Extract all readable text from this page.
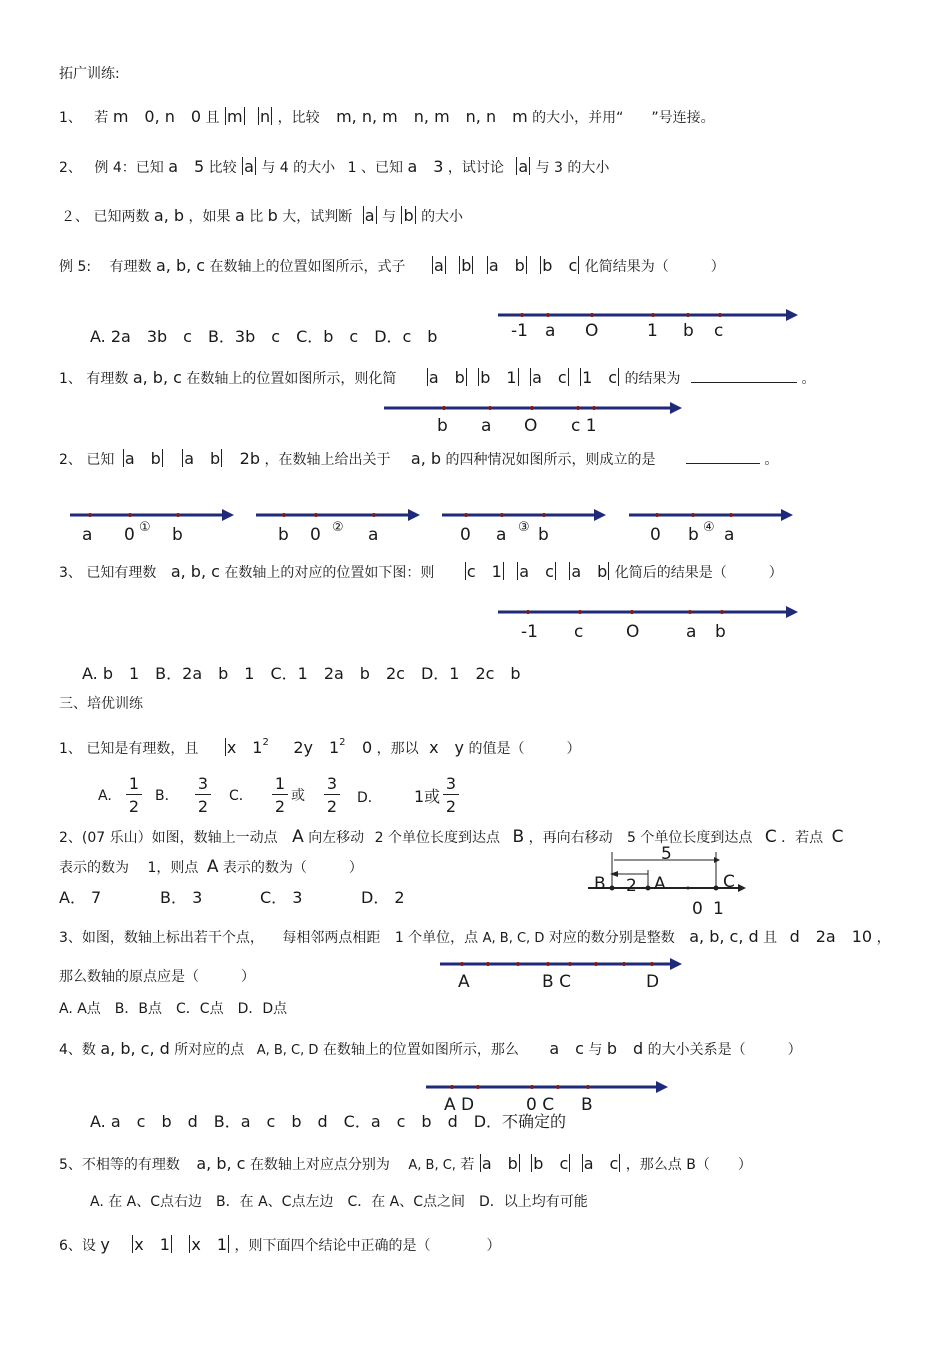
拓广训练:
1、 若 m　0, n　0 且 m n ，比较 m, n, m　n, m　n, n　m 的大小，并用“　　”号连接。
2、 例 4：已知 a　5 比较 a 与 4 的大小 1 、已知 a　3 ，试讨论 a 与 3 的大小
２、 已知两数 a, b ，如果 a 比 b 大，试判断 a 与 b 的大小
例 5: 有理数 a, b, c 在数轴上的位置如图所示，式子 a b a　b b　c 化简结果为（　　　）
-1 a O	1 b c
A. 2a　3b　c　B．3b　c　C．b　c　D．c　b
1、 有理数 a, b, c 在数轴上的位置如图所示，则化简 a　b b　1 a　c 1　c 的结果为	。
b a O c 1
2、 已知 a　b a　b 2b ，在数轴上给出关于 a, b 的四种情况如图所示，则成立的是	。
a 0 ① b	b 0 ② a	0 a ③ b	0 b ④ a
3、 已知有理数 a, b, c 在数轴上的对应的位置如下图：则 c　1 a　c a　b 化简后的结果是（　　　）
-1 c	O	a b
A. b　1　B．2a　b　1　C．1　2a　b　2c　D．1　2c　b
三、培优训练
1、 已知是有理数，且 x　$1^2$ 2y　$1^2$ 0 ，那以 x　y 的值是（　　　）
A.
1
2
B．
3
2
C．
1
2
或
3
2 D． 1或
3
2
2、(07 乐山）如图，数轴上一动点 A 向左移动 2 个单位长度到达点 B ，再向右移动 5 个单位长度到达点 C ．若点 C
表示的数为 1，则点 A 表示的数为（　　　）
A． 7	B． 3	C． 3	D． 2
5
2
B	A	C
0 1
3、如图，数轴上标出若干个点， 每相邻两点相距 1 个单位，点 A, B, C, D 对应的数分别是整数 a, b, c, d 且 d　2a　10 ，
那么数轴的原点应是（　　　）	A	B C	D
A. A点　B．B点　C．C点　D．D点
4、数 a, b, c, d 所对应的点 A, B, C, D 在数轴上的位置如图所示，那么 a　c 与 b　d 的大小关系是（　　　）
A D	0 C B
A. a　c　b　d　B．a　c　b　d　C．a　c　b　d　D．不确定的
5、不相等的有理数 a, b, c 在数轴上对应点分别为 A, B, C, 若 a　b b　c a　c ，那么点 B（　　）
A. 在 A、C点右边　B．在 A、C点左边　C．在 A、C点之间　D．以上均有可能
6、设 y x　1 x　1 ，则下面四个结论中正确的是（　　　　）
